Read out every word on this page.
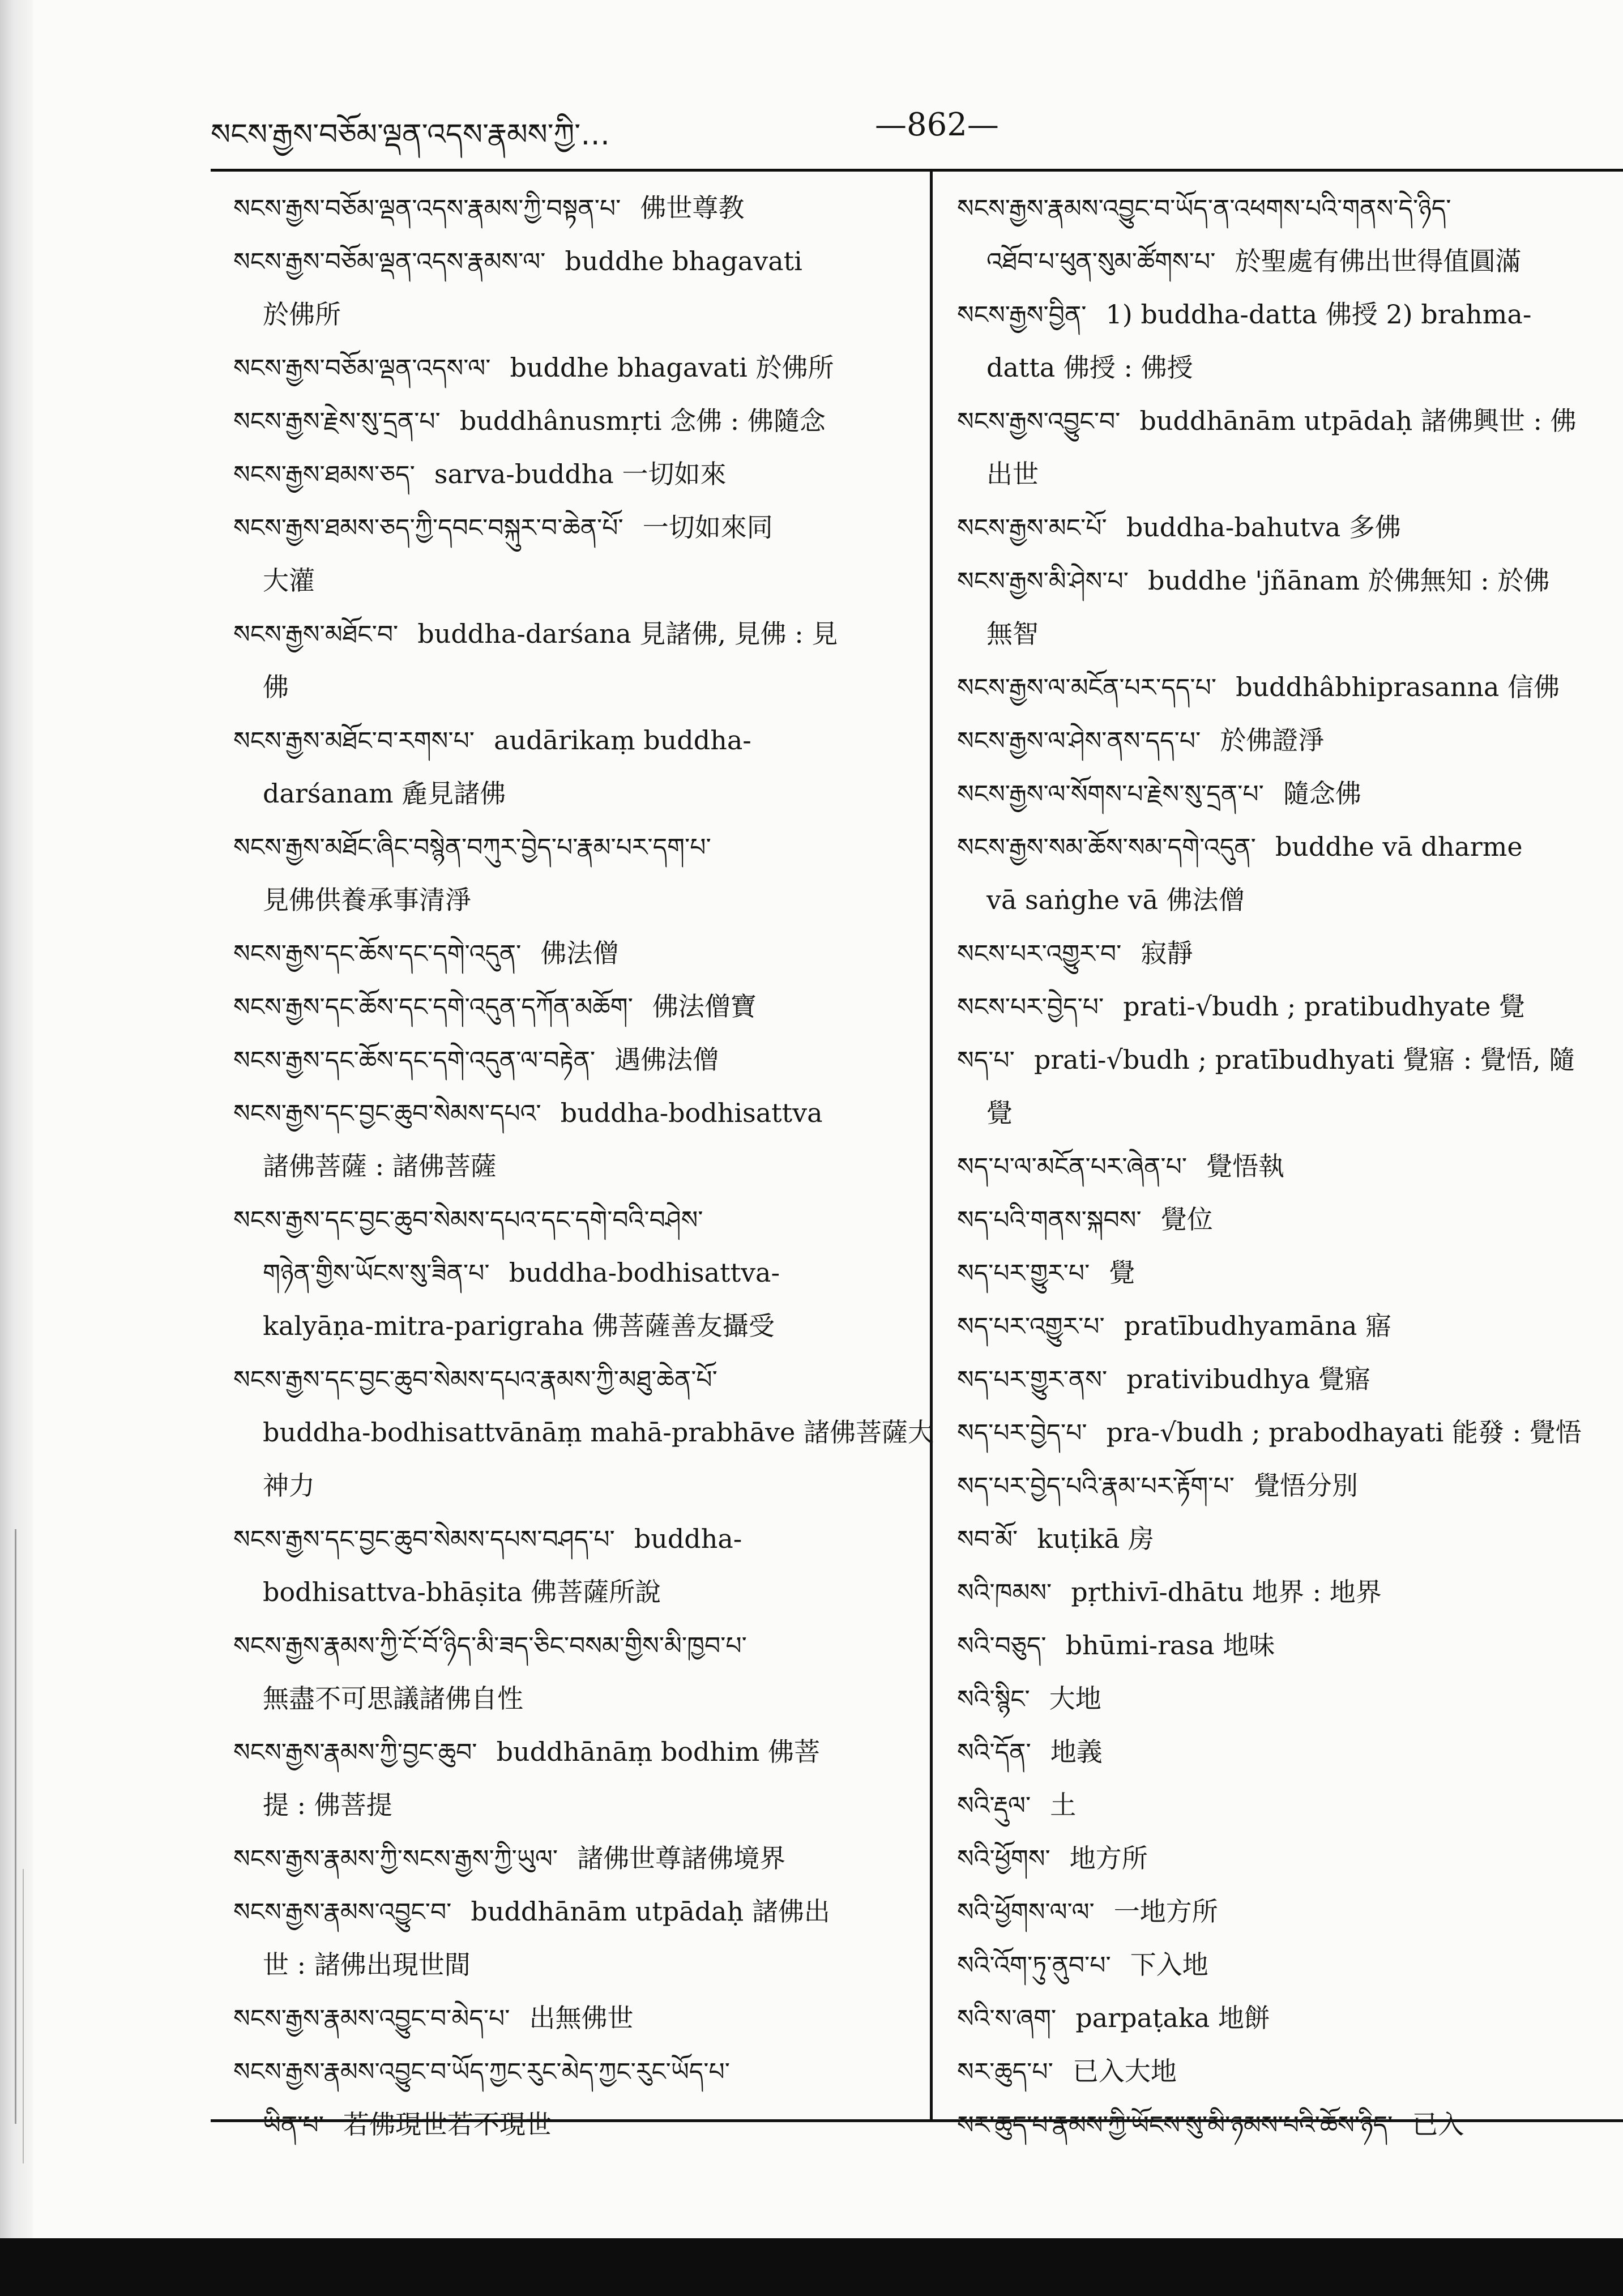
སངས་རྒྱས་བཅོམ་ལྡན་འདས་རྣམས་ཀྱི་…	—862—
སངས་རྒྱས་བཅོམ་ལྡན་འདས་རྣམས་ཀྱི་བསྟན་པ་ 佛世尊教
སངས་རྒྱས་བཅོམ་ལྡན་འདས་རྣམས་ལ་ buddhe bhagavati
於佛所
སངས་རྒྱས་བཅོམ་ལྡན་འདས་ལ་ buddhe bhagavati 於佛所
སངས་རྒྱས་རྗེས་སུ་དྲན་པ་ buddhânusmṛti 念佛 : 佛隨念
སངས་རྒྱས་ཐམས་ཅད་ sarva-buddha 一切如來
སངས་རྒྱས་ཐམས་ཅད་ཀྱི་དབང་བསྐུར་བ་ཆེན་པོ་ 一切如來同
大灌
སངས་རྒྱས་མཐོང་བ་ buddha-darśana 見諸佛, 見佛 : 見
佛
སངས་རྒྱས་མཐོང་བ་རགས་པ་ audārikaṃ buddha-
darśanam 麁見諸佛
སངས་རྒྱས་མཐོང་ཞིང་བསྙེན་བཀུར་བྱེད་པ་རྣམ་པར་དག་པ་
見佛供養承事清淨
སངས་རྒྱས་དང་ཆོས་དང་དགེ་འདུན་ 佛法僧
སངས་རྒྱས་དང་ཆོས་དང་དགེ་འདུན་དཀོན་མཆོག་ 佛法僧寶
སངས་རྒྱས་དང་ཆོས་དང་དགེ་འདུན་ལ་བརྟེན་ 遇佛法僧
སངས་རྒྱས་དང་བྱང་ཆུབ་སེམས་དཔའ་ buddha-bodhisattva
諸佛菩薩 : 諸佛菩薩
སངས་རྒྱས་དང་བྱང་ཆུབ་སེམས་དཔའ་དང་དགེ་བའི་བཤེས་
གཉེན་གྱིས་ཡོངས་སུ་ཟིན་པ་ buddha-bodhisattva-
kalyāṇa-mitra-parigraha 佛菩薩善友攝受
སངས་རྒྱས་དང་བྱང་ཆུབ་སེམས་དཔའ་རྣམས་ཀྱི་མཐུ་ཆེན་པོ་
buddha-bodhisattvānāṃ mahā-prabhāve 諸佛菩薩大
神力
སངས་རྒྱས་དང་བྱང་ཆུབ་སེམས་དཔས་བཤད་པ་ buddha-
bodhisattva-bhāṣita 佛菩薩所說
སངས་རྒྱས་རྣམས་ཀྱི་ངོ་བོ་ཉིད་མི་ཟད་ཅིང་བསམ་གྱིས་མི་ཁྱབ་པ་
無盡不可思議諸佛自性
སངས་རྒྱས་རྣམས་ཀྱི་བྱང་ཆུབ་ buddhānāṃ bodhim 佛菩
提 : 佛菩提
སངས་རྒྱས་རྣམས་ཀྱི་སངས་རྒྱས་ཀྱི་ཡུལ་ 諸佛世尊諸佛境界
སངས་རྒྱས་རྣམས་འབྱུང་བ་ buddhānām utpādaḥ 諸佛出
世 : 諸佛出現世間
སངས་རྒྱས་རྣམས་འབྱུང་བ་མེད་པ་ 出無佛世
སངས་རྒྱས་རྣམས་འབྱུང་བ་ཡོད་ཀྱང་རུང་མེད་ཀྱང་རུང་ཡོད་པ་
ཡིན་པ་ 若佛現世若不現世
སངས་རྒྱས་རྣམས་འབྱུང་བ་ཡོད་ན་འཕགས་པའི་གནས་དེ་ཉིད་
འཐོབ་པ་ཕུན་སུམ་ཚོགས་པ་ 於聖處有佛出世得值圓滿
སངས་རྒྱས་བྱིན་ 1) buddha-datta 佛授 2) brahma-
datta 佛授 : 佛授
སངས་རྒྱས་འབྱུང་བ་ buddhānām utpādaḥ 諸佛興世 : 佛
出世
སངས་རྒྱས་མང་པོ་ buddha-bahutva 多佛
སངས་རྒྱས་མི་ཤེས་པ་ buddhe 'jñānam 於佛無知 : 於佛
無智
སངས་རྒྱས་ལ་མངོན་པར་དད་པ་ buddhâbhiprasanna 信佛
སངས་རྒྱས་ལ་ཤེས་ནས་དད་པ་ 於佛證淨
སངས་རྒྱས་ལ་སོགས་པ་རྗེས་སུ་དྲན་པ་ 隨念佛
སངས་རྒྱས་སམ་ཆོས་སམ་དགེ་འདུན་ buddhe vā dharme
vā saṅghe vā 佛法僧
སངས་པར་འགྱུར་བ་ 寂靜
སངས་པར་བྱེད་པ་ prati-√budh ; pratibudhyate 覺
སད་པ་ prati-√budh ; pratībudhyati 覺寤 : 覺悟, 隨
覺
སད་པ་ལ་མངོན་པར་ཞེན་པ་ 覺悟執
སད་པའི་གནས་སྐབས་ 覺位
སད་པར་གྱུར་པ་ 覺
སད་པར་འགྱུར་པ་ pratībudhyamāna 寤
སད་པར་གྱུར་ནས་ prativibudhya 覺寤
སད་པར་བྱེད་པ་ pra-√budh ; prabodhayati 能發 : 覺悟
སད་པར་བྱེད་པའི་རྣམ་པར་རྟོག་པ་ 覺悟分別
སབ་མོ་ kuṭikā 房
སའི་ཁམས་ pṛthivī-dhātu 地界 : 地界
སའི་བཅུད་ bhūmi-rasa 地味
སའི་སྙིང་ 大地
སའི་དོན་ 地義
སའི་རྡུལ་ 土
སའི་ཕྱོགས་ 地方所
སའི་ཕྱོགས་ལ་ལ་ 一地方所
སའི་འོག་ཏུ་ནུབ་པ་ 下入地
སའི་ས་ཞག་ parpaṭaka 地餅
སར་ཆུད་པ་ 已入大地
སར་ཆུད་པ་རྣམས་ཀྱི་ཡོངས་སུ་མི་ཉམས་པའི་ཆོས་ཉིད་ 已入
